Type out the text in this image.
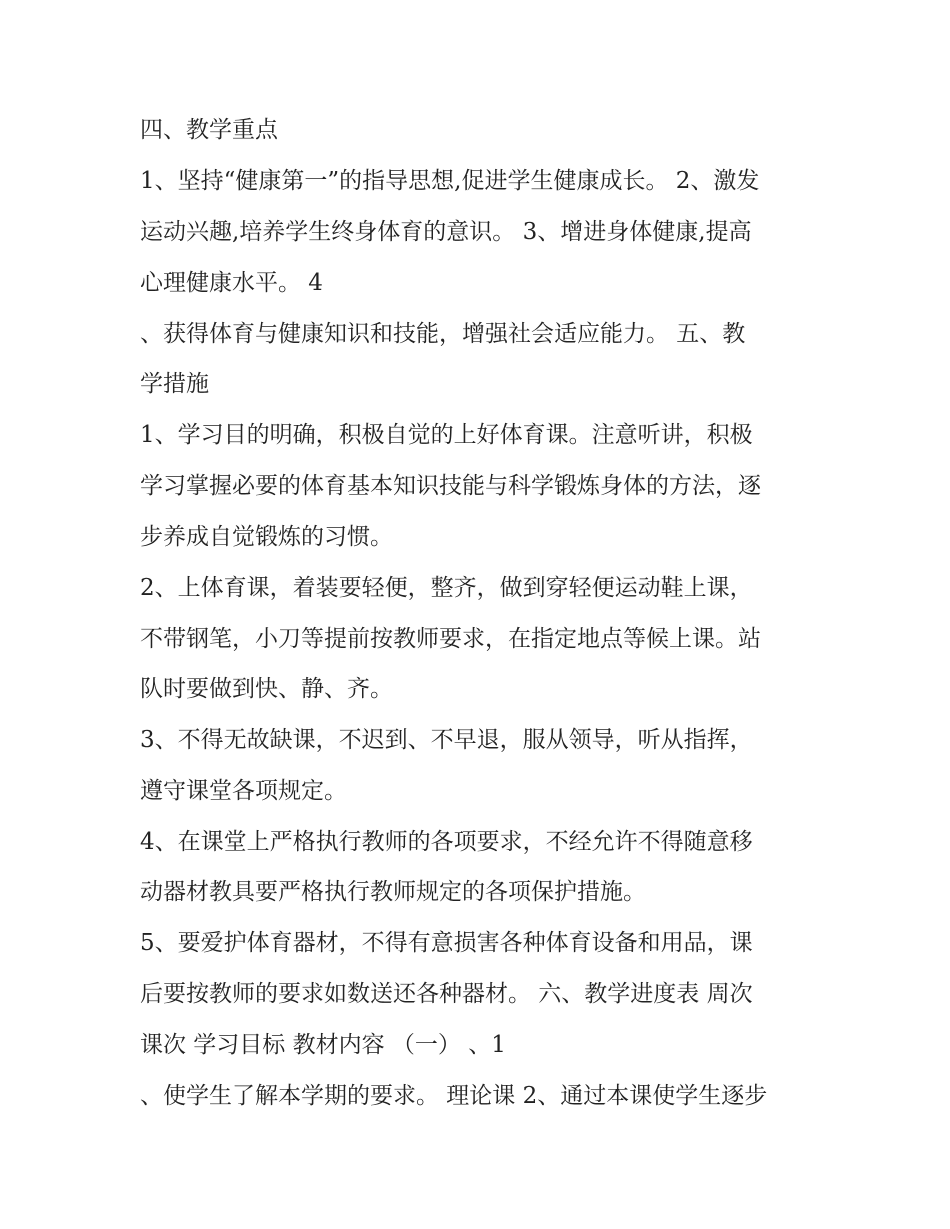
四、教学重点
1、坚持“健康第一”的指导思想,促进学生健康成长。 2、激发
运动兴趣,培养学生终身体育的意识。 3、增进身体健康,提高
心理健康水平。 4
、获得体育与健康知识和技能，增强社会适应能力。 五、教
学措施
1、学习目的明确，积极自觉的上好体育课。注意听讲，积极
学习掌握必要的体育基本知识技能与科学锻炼身体的方法，逐
步养成自觉锻炼的习惯。
2、上体育课，着装要轻便，整齐，做到穿轻便运动鞋上课，
不带钢笔，小刀等提前按教师要求，在指定地点等候上课。站
队时要做到快、静、齐。
3、不得无故缺课，不迟到、不早退，服从领导，听从指挥，
遵守课堂各项规定。
4、在课堂上严格执行教师的各项要求，不经允许不得随意移
动器材教具要严格执行教师规定的各项保护措施。
5、要爱护体育器材，不得有意损害各种体育设备和用品，课
后要按教师的要求如数送还各种器材。 六、教学进度表 周次
课次 学习目标 教材内容 （一） 、1
、使学生了解本学期的要求。 理论课 2、通过本课使学生逐步
